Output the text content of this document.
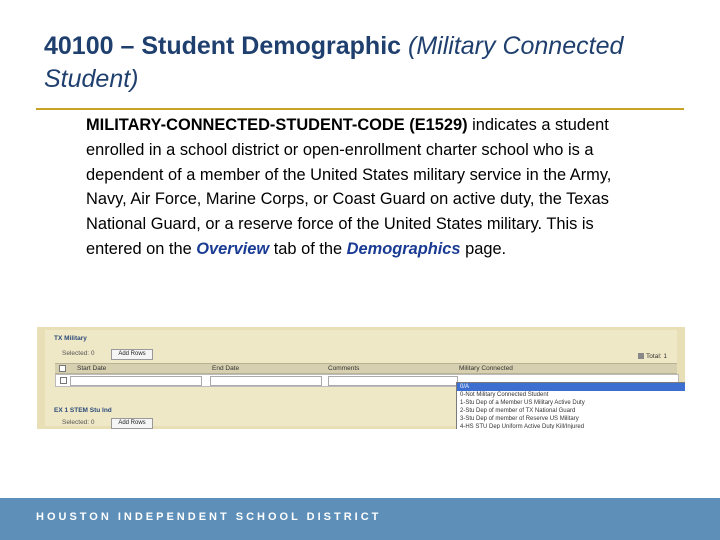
40100 – Student Demographic (Military Connected Student)

MILITARY-CONNECTED-STUDENT-CODE (E1529) indicates a student enrolled in a school district or open-enrollment charter school who is a dependent of a member of the United States military service in the Army, Navy, Air Force, Marine Corps, or Coast Guard on active duty, the Texas National Guard, or a reserve force of the United States military. This is entered on the Overview tab of the Demographics page.

TX Military
Selected: 0	Add Rows	Total: 1
Start Date	End Date	Comments	Military Connected
EX 1 STEM Stu Ind
Selected: 0	Add Rows
0/A
0-Not Military Connected Student
1-Stu Dep of a Member US Military Active Duty
2-Stu Dep of member of TX National Guard
3-Stu Dep of member of Reserve US Military
4-HS STU Dep Uniform Active Duty Kill/Injured
HOUSTON INDEPENDENT SCHOOL DISTRICT
